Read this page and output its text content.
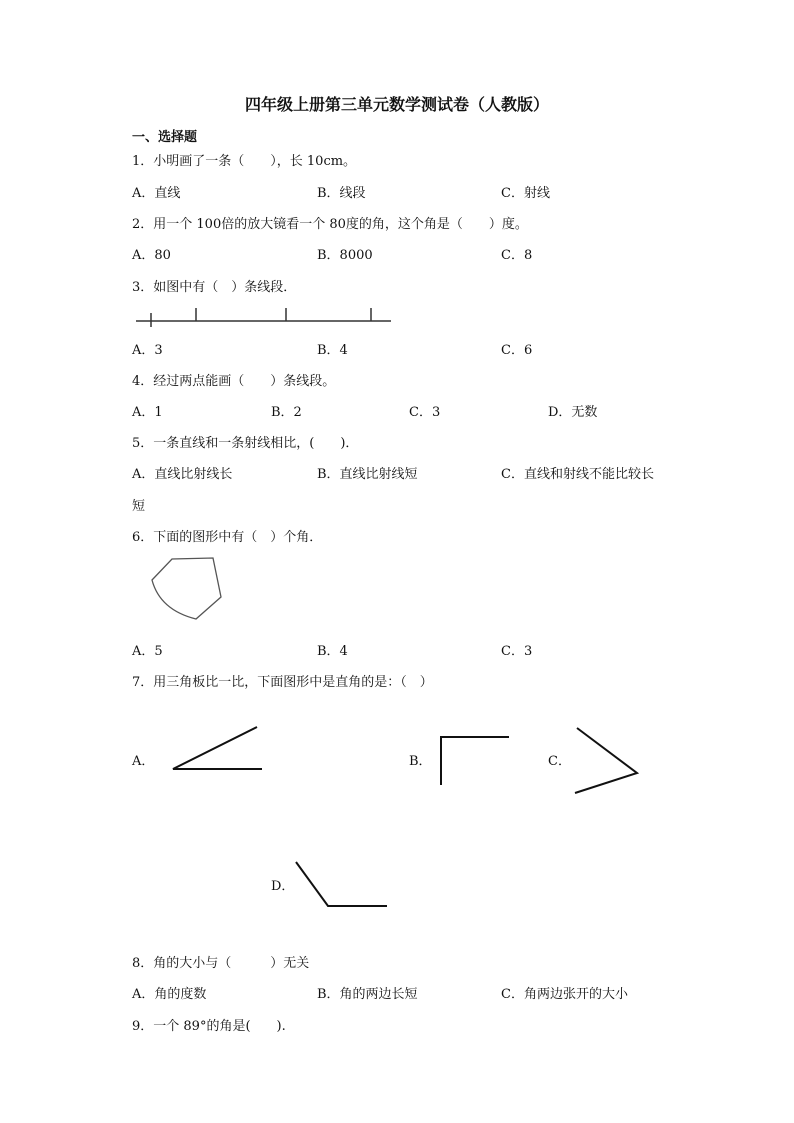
四年级上册第三单元数学测试卷（人教版）
一、选择题
1．小明画了一条（　　），长 10cm。
A．直线	B．线段	C．射线
2．用一个 100倍的放大镜看一个 80度的角，这个角是（　　）度。
A．80	B．8000	C．8
3．如图中有（　）条线段．
A．3	B．4	C．6
4．经过两点能画（　　）条线段。
A．1	B．2	C．3	D．无数
5．一条直线和一条射线相比，(　　)．
A．直线比射线长	B．直线比射线短	C．直线和射线不能比较长
短
6．下面的图形中有（　）个角．
A．5	B．4	C．3
7．用三角板比一比，下面图形中是直角的是：（　）
A．	B．	C．
D．
8．角的大小与（　　　）无关
A．角的度数	B．角的两边长短	C．角两边张开的大小
9．一个 89°的角是(　　).
